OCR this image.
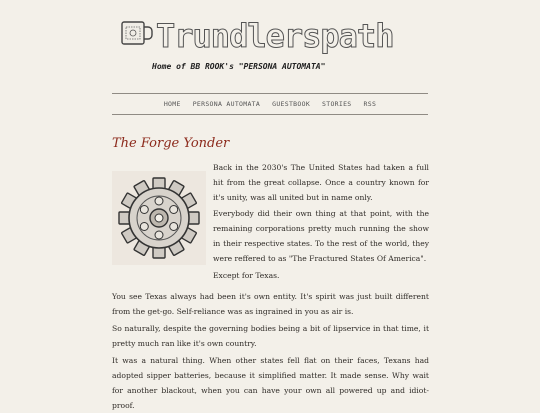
Trundlerspath
Home of BB ROOK's "PERSONA AUTOMATA"
HOME PERSONA AUTOMATA GUESTBOOK STORIES RSS
The Forge Yonder

Back in the 2030's The United States had taken a full hit from the great collapse. Once a country known for it's unity, was all united but in name only.

Everybody did their own thing at that point, with the remaining corporations pretty much running the show in their respective states. To the rest of the world, they were reffered to as "The Fractured States Of America".

Except for Texas.

You see Texas always had been it's own entity. It's spirit was just built different from the get-go. Self-reliance was as ingrained in you as air is.

So naturally, despite the governing bodies being a bit of lipservice in that time, it pretty much ran like it's own country.

It was a natural thing. When other states fell flat on their faces, Texans had adopted sipper batteries, because it simplified matter. It made sense. Why wait for another blackout, when you can have your own all powered up and idiot-proof.
